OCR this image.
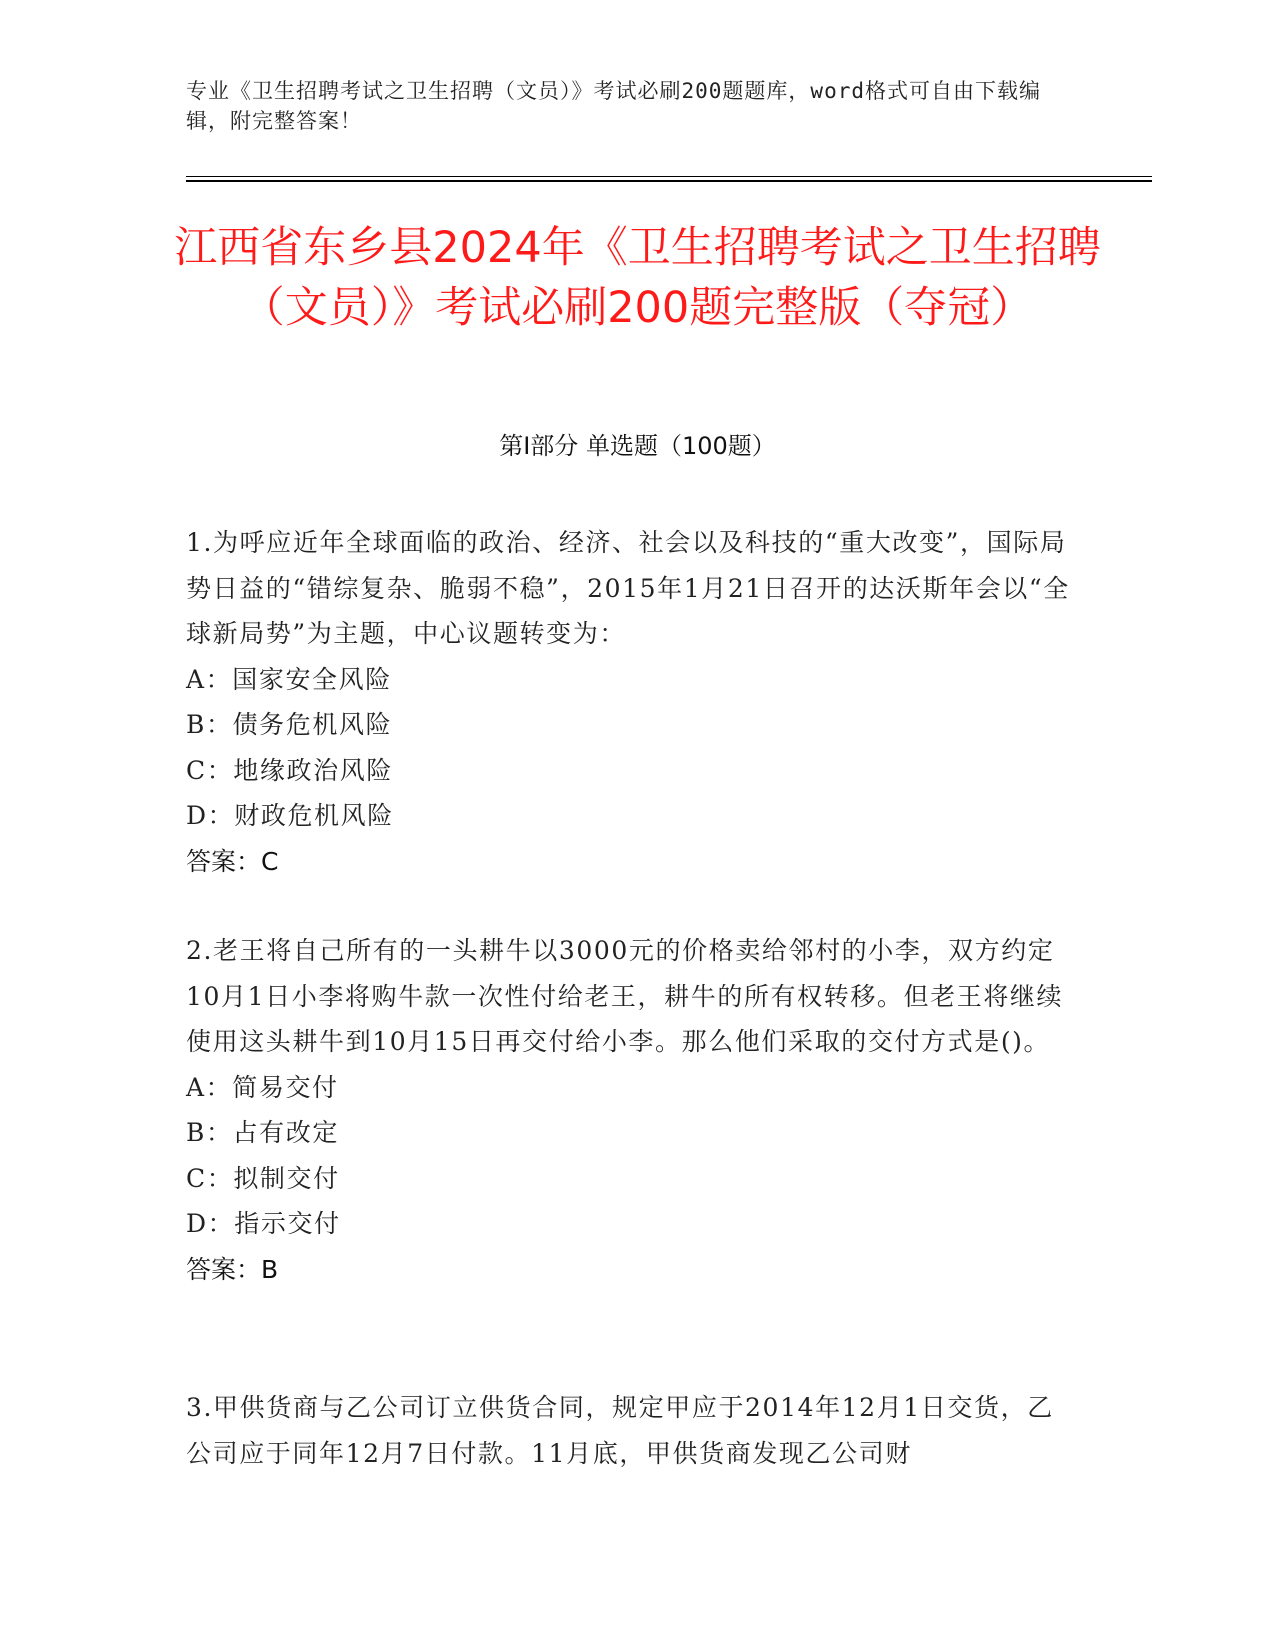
专业《卫生招聘考试之卫生招聘（文员）》考试必刷200题题库，word格式可自由下载编辑，附完整答案！
江西省东乡县2024年《卫生招聘考试之卫生招聘（文员）》考试必刷200题完整版（夺冠）
第Ⅰ部分 单选题（100题）

1.为呼应近年全球面临的政治、经济、社会以及科技的“重大改变”，国际局势日益的“错综复杂、脆弱不稳”，2015年1月21日召开的达沃斯年会以“全球新局势”为主题，中心议题转变为：

A：国家安全风险

B：债务危机风险

C：地缘政治风险

D：财政危机风险

答案：C

2.老王将自己所有的一头耕牛以3000元的价格卖给邻村的小李，双方约定10月1日小李将购牛款一次性付给老王，耕牛的所有权转移。但老王将继续使用这头耕牛到10月15日再交付给小李。那么他们采取的交付方式是()。

A：简易交付

B：占有改定

C：拟制交付

D：指示交付

答案：B

3.甲供货商与乙公司订立供货合同，规定甲应于2014年12月1日交货，乙公司应于同年12月7日付款。11月底，甲供货商发现乙公司财
